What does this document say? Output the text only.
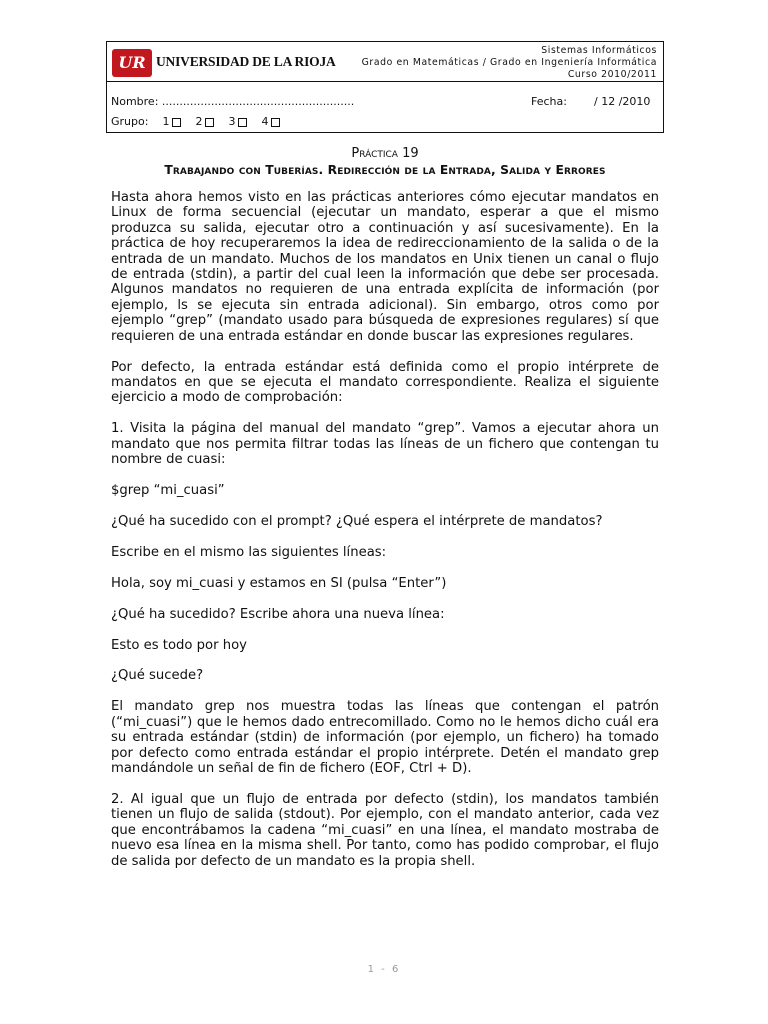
UR UNIVERSIDAD DE LA RIOJA
Sistemas Informáticos
Grado en Matemáticas / Grado en Ingeniería Informática
Curso 2010/2011
Nombre: .......................................................	Fecha: / 12 /2010
Grupo: 1 2 3 4
Práctica 19
Trabajando con Tuberías. Redirección de la Entrada, Salida y Errores

Hasta ahora hemos visto en las prácticas anteriores cómo ejecutar mandatos en Linux de forma secuencial (ejecutar un mandato, esperar a que el mismo produzca su salida, ejecutar otro a continuación y así sucesivamente). En la práctica de hoy recuperaremos la idea de redireccionamiento de la salida o de la entrada de un mandato. Muchos de los mandatos en Unix tienen un canal o flujo de entrada (stdin), a partir del cual leen la información que debe ser procesada. Algunos mandatos no requieren de una entrada explícita de información (por ejemplo, ls se ejecuta sin entrada adicional). Sin embargo, otros como por ejemplo “grep” (mandato usado para búsqueda de expresiones regulares) sí que requieren de una entrada estándar en donde buscar las expresiones regulares.

Por defecto, la entrada estándar está definida como el propio intérprete de mandatos en que se ejecuta el mandato correspondiente. Realiza el siguiente ejercicio a modo de comprobación:

1. Visita la página del manual del mandato “grep”. Vamos a ejecutar ahora un mandato que nos permita filtrar todas las líneas de un fichero que contengan tu nombre de cuasi:

$grep “mi_cuasi”

¿Qué ha sucedido con el prompt? ¿Qué espera el intérprete de mandatos?

Escribe en el mismo las siguientes líneas:

Hola, soy mi_cuasi y estamos en SI (pulsa “Enter”)

¿Qué ha sucedido? Escribe ahora una nueva línea:

Esto es todo por hoy

¿Qué sucede?

El mandato grep nos muestra todas las líneas que contengan el patrón (“mi_cuasi”) que le hemos dado entrecomillado. Como no le hemos dicho cuál era su entrada estándar (stdin) de información (por ejemplo, un fichero) ha tomado por defecto como entrada estándar el propio intérprete. Detén el mandato grep mandándole un señal de fin de fichero (EOF, Ctrl + D).

2. Al igual que un flujo de entrada por defecto (stdin), los mandatos también tienen un flujo de salida (stdout). Por ejemplo, con el mandato anterior, cada vez que encontrábamos la cadena “mi_cuasi” en una línea, el mandato mostraba de nuevo esa línea en la misma shell. Por tanto, como has podido comprobar, el flujo de salida por defecto de un mandato es la propia shell.

1 - 6
